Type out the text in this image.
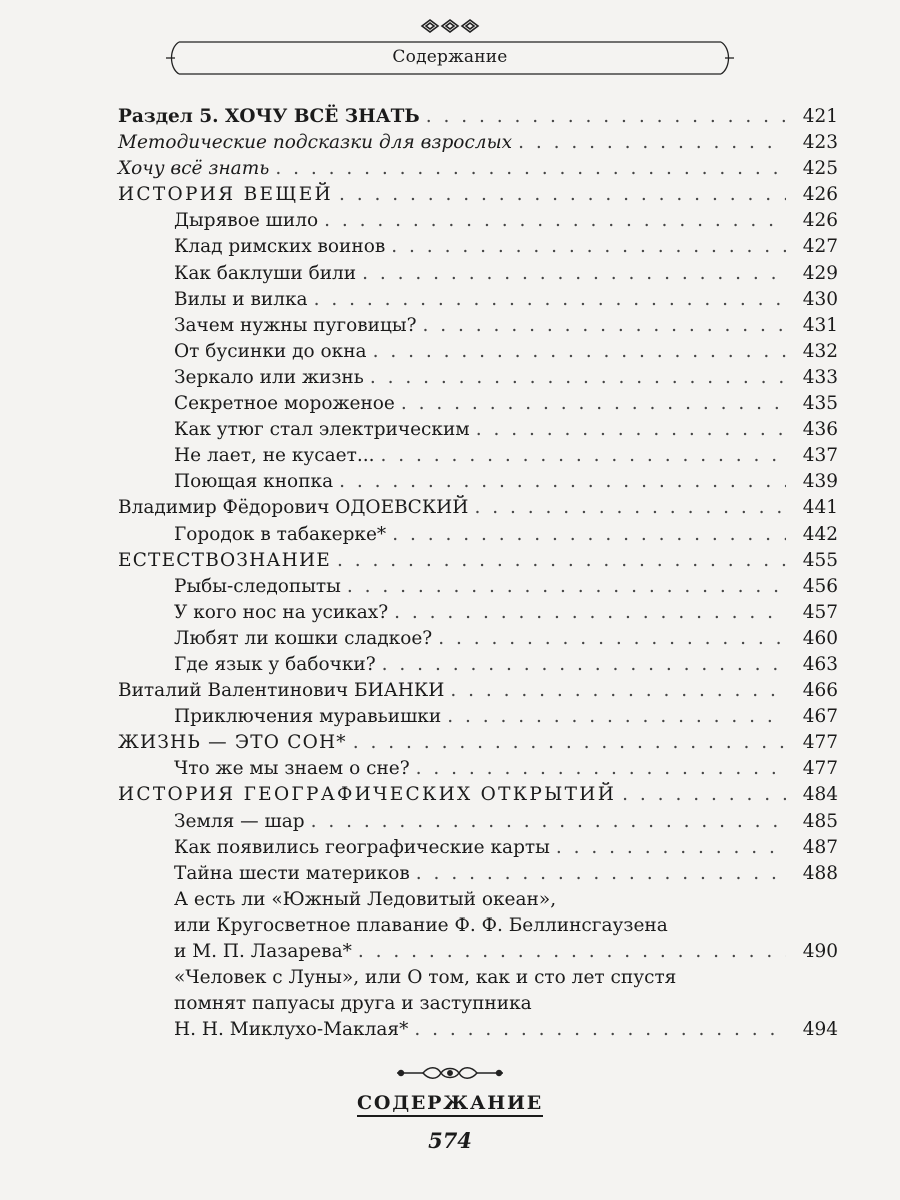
Содержание
Раздел 5. ХОЧУ ВСЁ ЗНАТЬ . . .	421
Методические подсказки для взрослых . . .	423
Хочу всё знать . . .	425
ИСТОРИЯ ВЕЩЕЙ . . .	426
Дырявое шило . . .	426
Клад римских воинов . . .	427
Как баклуши били . . .	429
Вилы и вилка . . .	430
Зачем нужны пуговицы? . . .	431
От бусинки до окна . . .	432
Зеркало или жизнь . . .	433
Секретное мороженое . . .	435
Как утюг стал электрическим . . .	436
Не лает, не кусает... . . .	437
Поющая кнопка . . .	439
Владимир Фёдорович ОДОЕВСКИЙ . . .	441
Городок в табакерке* . . .	442
ЕСТЕСТВОЗНАНИЕ . . .	455
Рыбы-следопыты . . .	456
У кого нос на усиках? . . .	457
Любят ли кошки сладкое? . . .	460
Где язык у бабочки? . . .	463
Виталий Валентинович БИАНКИ . . .	466
Приключения муравьишки . . .	467
ЖИЗНЬ — ЭТО СОН* . . .	477
Что же мы знаем о сне? . . .	477
ИСТОРИЯ ГЕОГРАФИЧЕСКИХ ОТКРЫТИЙ . . .	484
Земля — шар . . .	485
Как появились географические карты . . .	487
Тайна шести материков . . .	488
А есть ли «Южный Ледовитый океан»,
или Кругосветное плавание Ф. Ф. Беллинсгаузена
и М. П. Лазарева* . . .	490
«Человек с Луны», или О том, как и сто лет спустя
помнят папуасы друга и заступника
Н. Н. Миклухо-Маклая* . . .	494
СОДЕРЖАНИЕ
574
